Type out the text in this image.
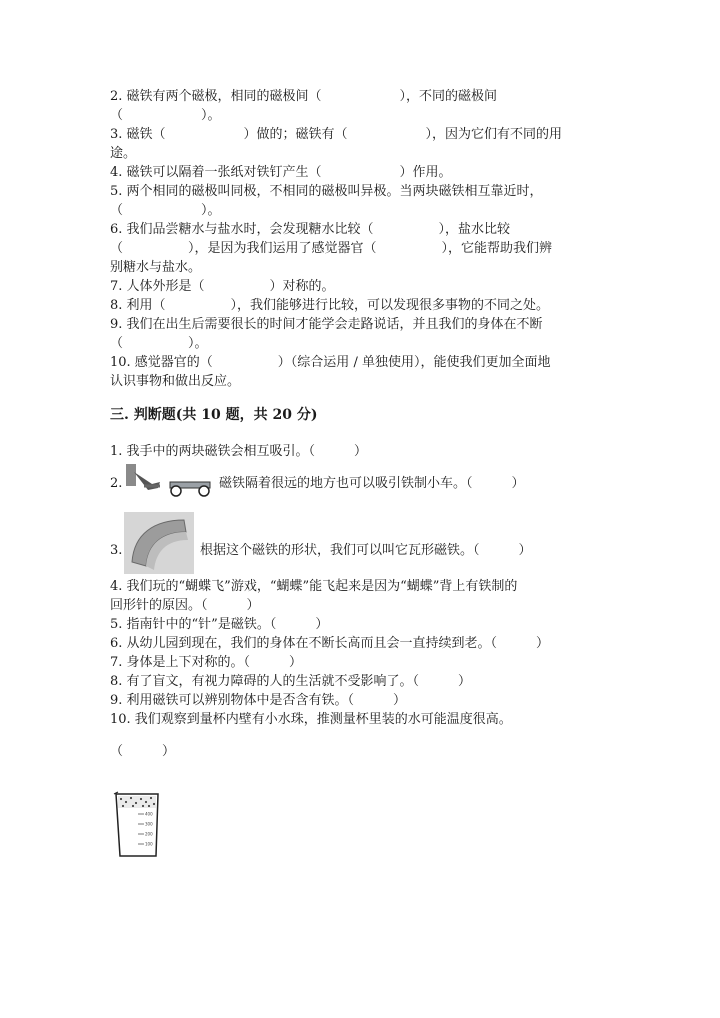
2. 磁铁有两个磁极，相同的磁极间（　　　　　　），不同的磁极间
（　　　　　　）。
3. 磁铁（　　　　　　）做的；磁铁有（　　　　　　），因为它们有不同的用
途。
4. 磁铁可以隔着一张纸对铁钉产生（　　　　　　）作用。
5. 两个相同的磁极叫同极，不相同的磁极叫异极。当两块磁铁相互靠近时，
（　　　　　　）。
6. 我们品尝糖水与盐水时，会发现糖水比较（　　　　　），盐水比较
（　　　　　），是因为我们运用了感觉器官（　　　　　），它能帮助我们辨
别糖水与盐水。
7. 人体外形是（　　　　　）对称的。
8. 利用（　　　　　），我们能够进行比较，可以发现很多事物的不同之处。
9. 我们在出生后需要很长的时间才能学会走路说话，并且我们的身体在不断
（　　　　　）。
10. 感觉器官的（　　　　　）（综合运用 / 单独使用），能使我们更加全面地
认识事物和做出反应。
三. 判断题(共 10 题，共 20 分)
1. 我手中的两块磁铁会相互吸引。（　　　）
2.	磁铁隔着很远的地方也可以吸引铁制小车。（　　　）
3.	根据这个磁铁的形状，我们可以叫它瓦形磁铁。（　　　）
4. 我们玩的“蝴蝶飞”游戏，“蝴蝶”能飞起来是因为“蝴蝶”背上有铁制的
回形针的原因。（　　　）
5. 指南针中的“针”是磁铁。（　　　）
6. 从幼儿园到现在，我们的身体在不断长高而且会一直持续到老。（　　　）
7. 身体是上下对称的。（　　　）
8. 有了盲文，有视力障碍的人的生活就不受影响了。（　　　）
9. 利用磁铁可以辨别物体中是否含有铁。（　　　）
10. 我们观察到量杯内壁有小水珠，推测量杯里装的水可能温度很高。
（　　　）
400
300
200
100
